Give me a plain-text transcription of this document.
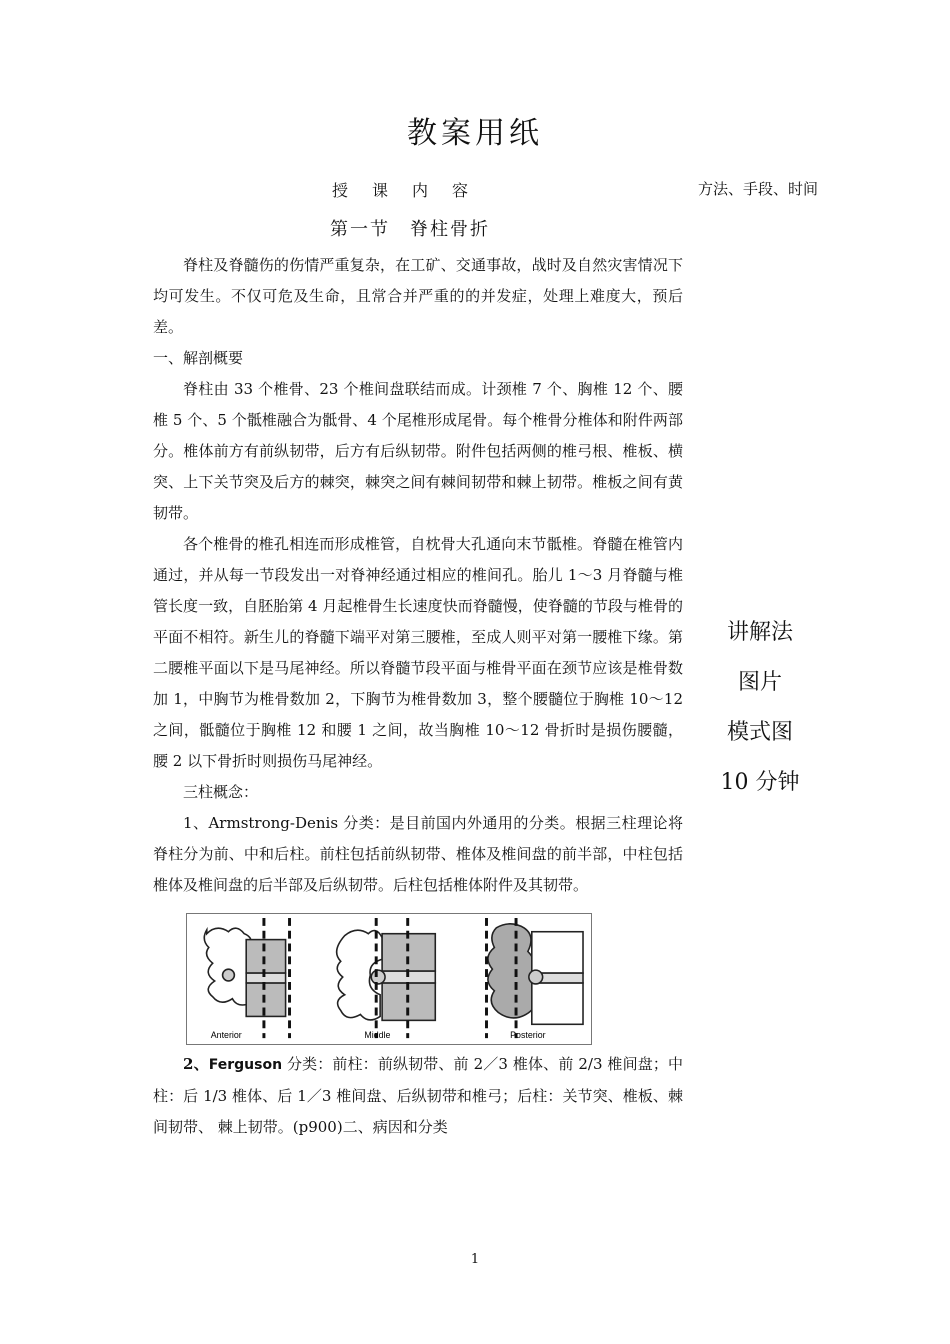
教案用纸
授课内容	方法、手段、时间
第一节　脊柱骨折

脊柱及脊髓伤的伤情严重复杂，在工矿、交通事故，战时及自然灾害情况下均可发生。不仅可危及生命，且常合并严重的的并发症，处理上难度大，预后差。

一、解剖概要

脊柱由 33 个椎骨、23 个椎间盘联结而成。计颈椎 7 个、胸椎 12 个、腰椎 5 个、5 个骶椎融合为骶骨、4 个尾椎形成尾骨。每个椎骨分椎体和附件两部分。椎体前方有前纵韧带，后方有后纵韧带。附件包括两侧的椎弓根、椎板、横突、上下关节突及后方的棘突，棘突之间有棘间韧带和棘上韧带。椎板之间有黄韧带。

各个椎骨的椎孔相连而形成椎管，自枕骨大孔通向末节骶椎。脊髓在椎管内通过，并从每一节段发出一对脊神经通过相应的椎间孔。胎儿 1～3 月脊髓与椎管长度一致，自胚胎第 4 月起椎骨生长速度快而脊髓慢，使脊髓的节段与椎骨的平面不相符。新生儿的脊髓下端平对第三腰椎，至成人则平对第一腰椎下缘。第二腰椎平面以下是马尾神经。所以脊髓节段平面与椎骨平面在颈节应该是椎骨数加 1，中胸节为椎骨数加 2，下胸节为椎骨数加 3，整个腰髓位于胸椎 10～12 之间，骶髓位于胸椎 12 和腰 1 之间，故当胸椎 10～12 骨折时是损伤腰髓，腰 2 以下骨折时则损伤马尾神经。

三柱概念：

1、Armstrong-Denis 分类：是目前国内外通用的分类。根据三柱理论将脊柱分为前、中和后柱。前柱包括前纵韧带、椎体及椎间盘的前半部，中柱包括椎体及椎间盘的后半部及后纵韧带。后柱包括椎体附件及其韧带。

Anterior	Middle	Posterior

2、Ferguson 分类：前柱：前纵韧带、前 2／3 椎体、前 2/3 椎间盘；中柱：后 1/3 椎体、后 1／3 椎间盘、后纵韧带和椎弓；后柱：关节突、椎板、棘间韧带、 棘上韧带。(p900)二、病因和分类

讲解法
图片
模式图
10 分钟
1
